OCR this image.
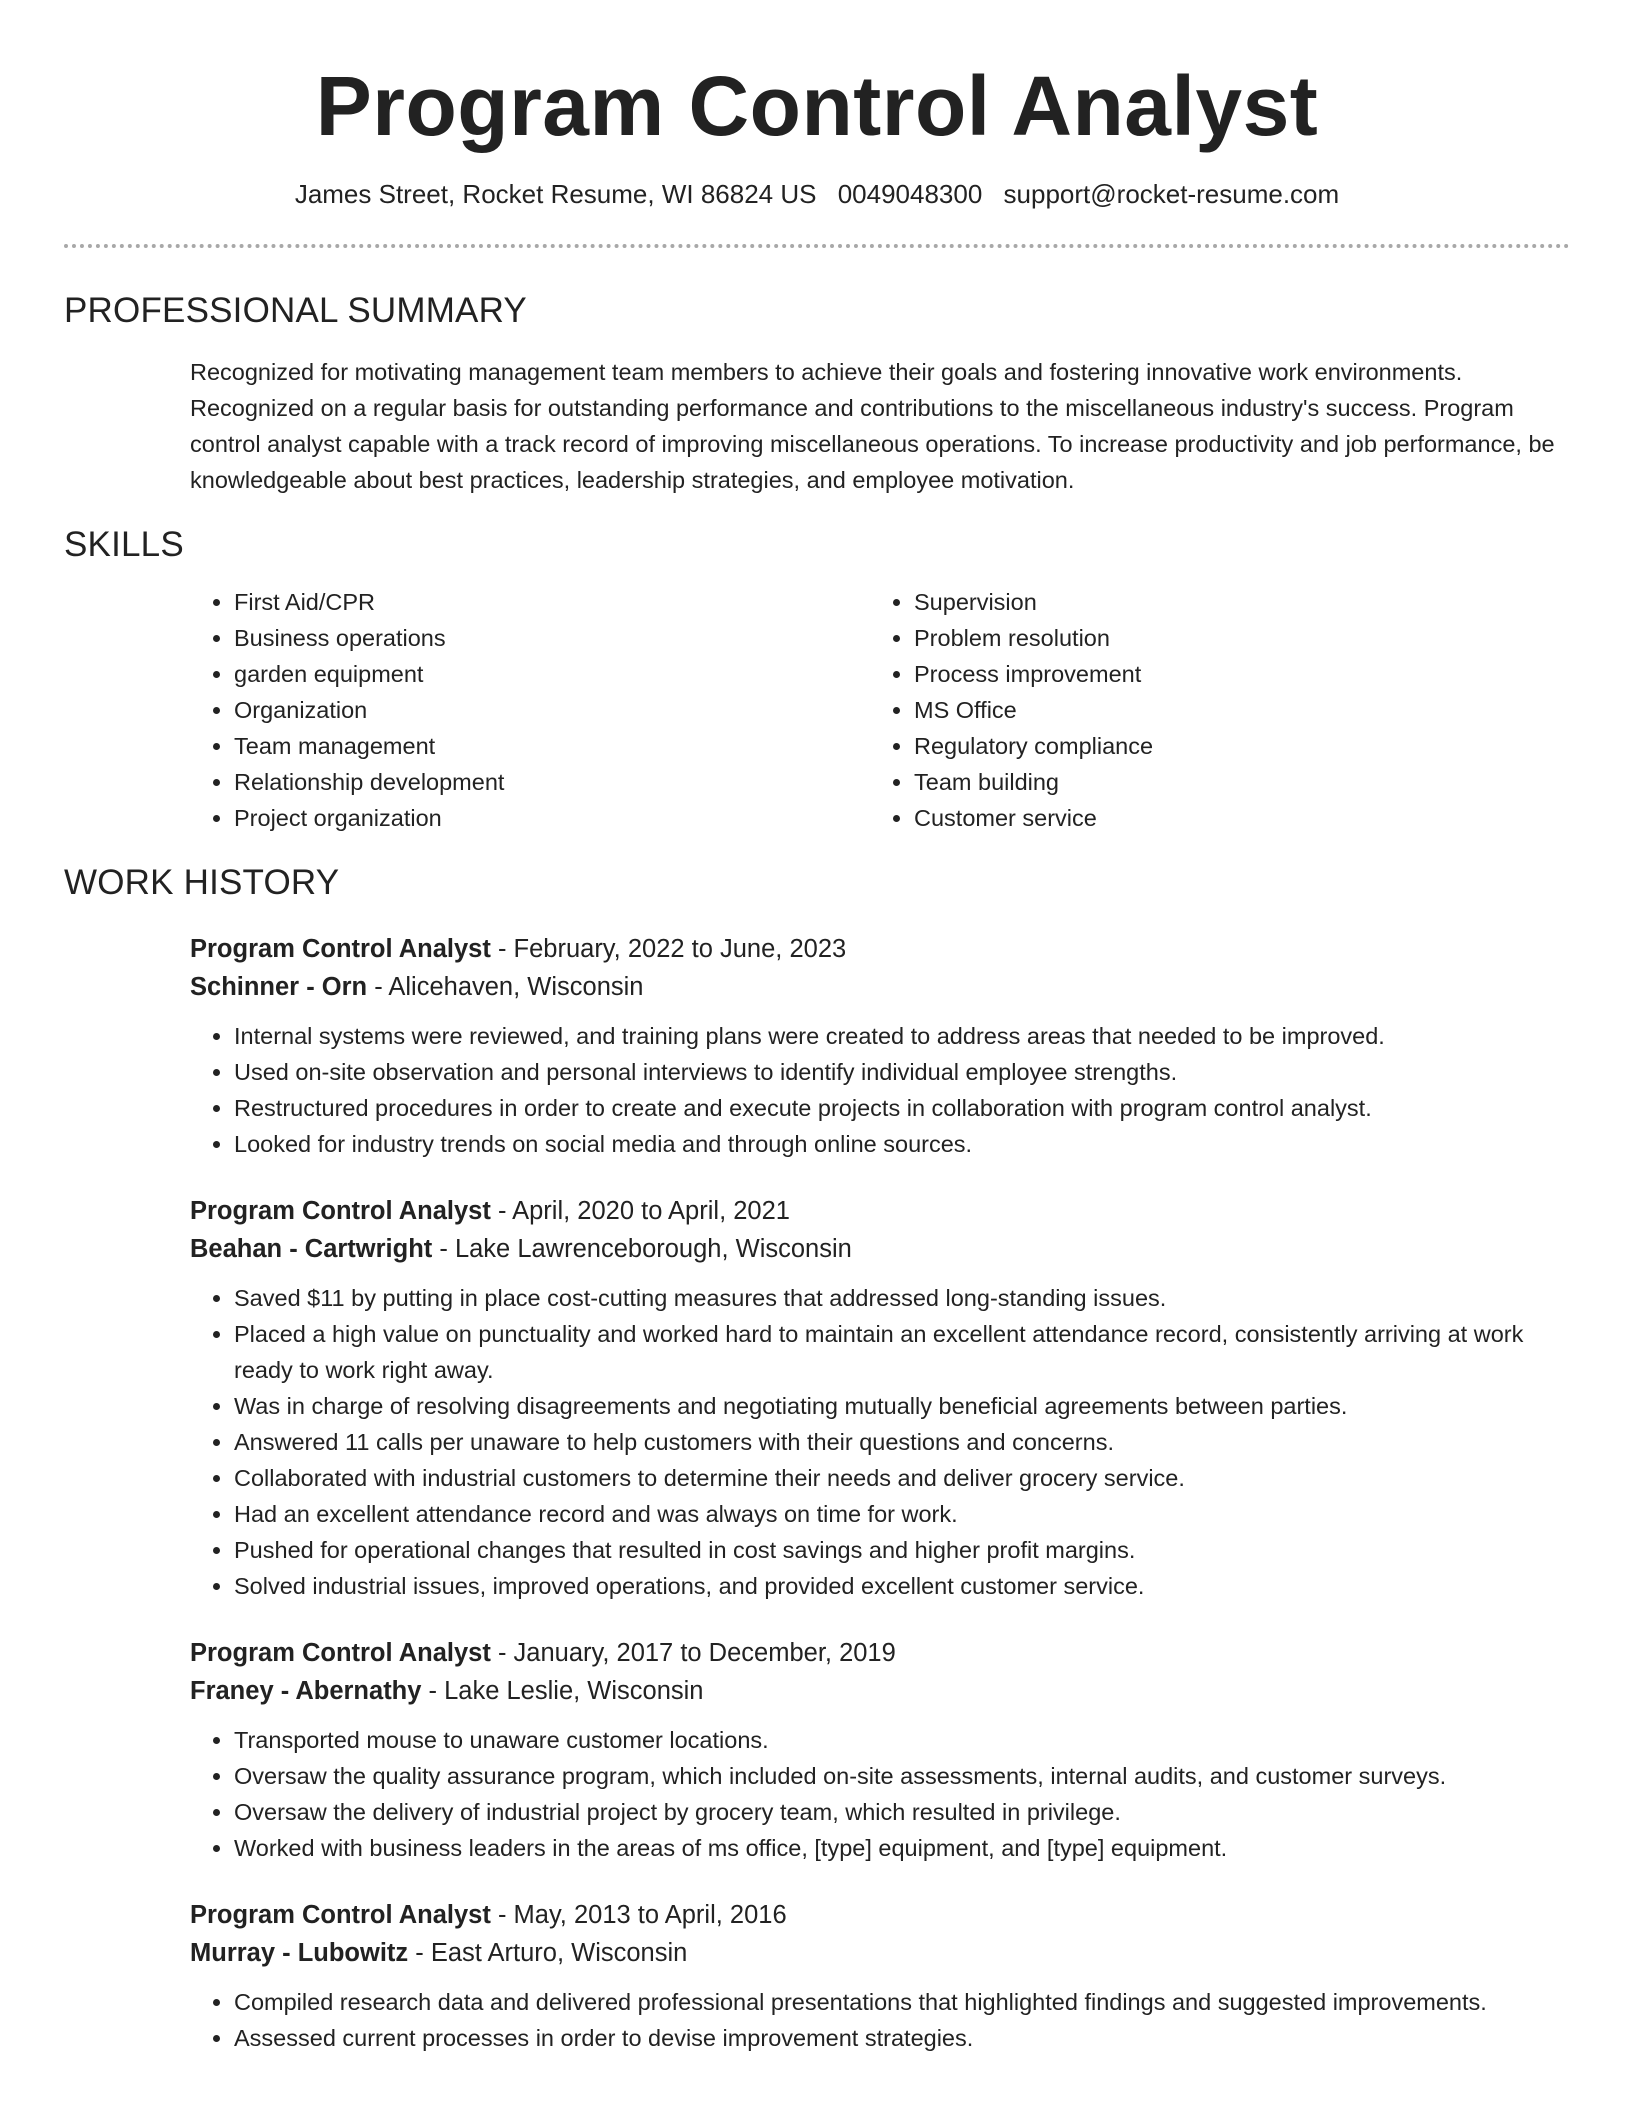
Program Control Analyst
James Street, Rocket Resume, WI 86824 US 0049048300 support@rocket-resume.com
PROFESSIONAL SUMMARY

Recognized for motivating management team members to achieve their goals and fostering innovative work environments. Recognized on a regular basis for outstanding performance and contributions to the miscellaneous industry's success. Program control analyst capable with a track record of improving miscellaneous operations. To increase productivity and job performance, be knowledgeable about best practices, leadership strategies, and employee motivation.

SKILLS
• First Aid/CPR
• Business operations
• garden equipment
• Organization
• Team management
• Relationship development
• Project organization
• Supervision
• Problem resolution
• Process improvement
• MS Office
• Regulatory compliance
• Team building
• Customer service
WORK HISTORY
Program Control Analyst - February, 2022 to June, 2023
Schinner - Orn - Alicehaven, Wisconsin
• Internal systems were reviewed, and training plans were created to address areas that needed to be improved.
• Used on-site observation and personal interviews to identify individual employee strengths.
• Restructured procedures in order to create and execute projects in collaboration with program control analyst.
• Looked for industry trends on social media and through online sources.
Program Control Analyst - April, 2020 to April, 2021
Beahan - Cartwright - Lake Lawrenceborough, Wisconsin
• Saved $11 by putting in place cost-cutting measures that addressed long-standing issues.
• Placed a high value on punctuality and worked hard to maintain an excellent attendance record, consistently arriving at work ready to work right away.
• Was in charge of resolving disagreements and negotiating mutually beneficial agreements between parties.
• Answered 11 calls per unaware to help customers with their questions and concerns.
• Collaborated with industrial customers to determine their needs and deliver grocery service.
• Had an excellent attendance record and was always on time for work.
• Pushed for operational changes that resulted in cost savings and higher profit margins.
• Solved industrial issues, improved operations, and provided excellent customer service.
Program Control Analyst - January, 2017 to December, 2019
Franey - Abernathy - Lake Leslie, Wisconsin
• Transported mouse to unaware customer locations.
• Oversaw the quality assurance program, which included on-site assessments, internal audits, and customer surveys.
• Oversaw the delivery of industrial project by grocery team, which resulted in privilege.
• Worked with business leaders in the areas of ms office, [type] equipment, and [type] equipment.
Program Control Analyst - May, 2013 to April, 2016
Murray - Lubowitz - East Arturo, Wisconsin
• Compiled research data and delivered professional presentations that highlighted findings and suggested improvements.
• Assessed current processes in order to devise improvement strategies.
